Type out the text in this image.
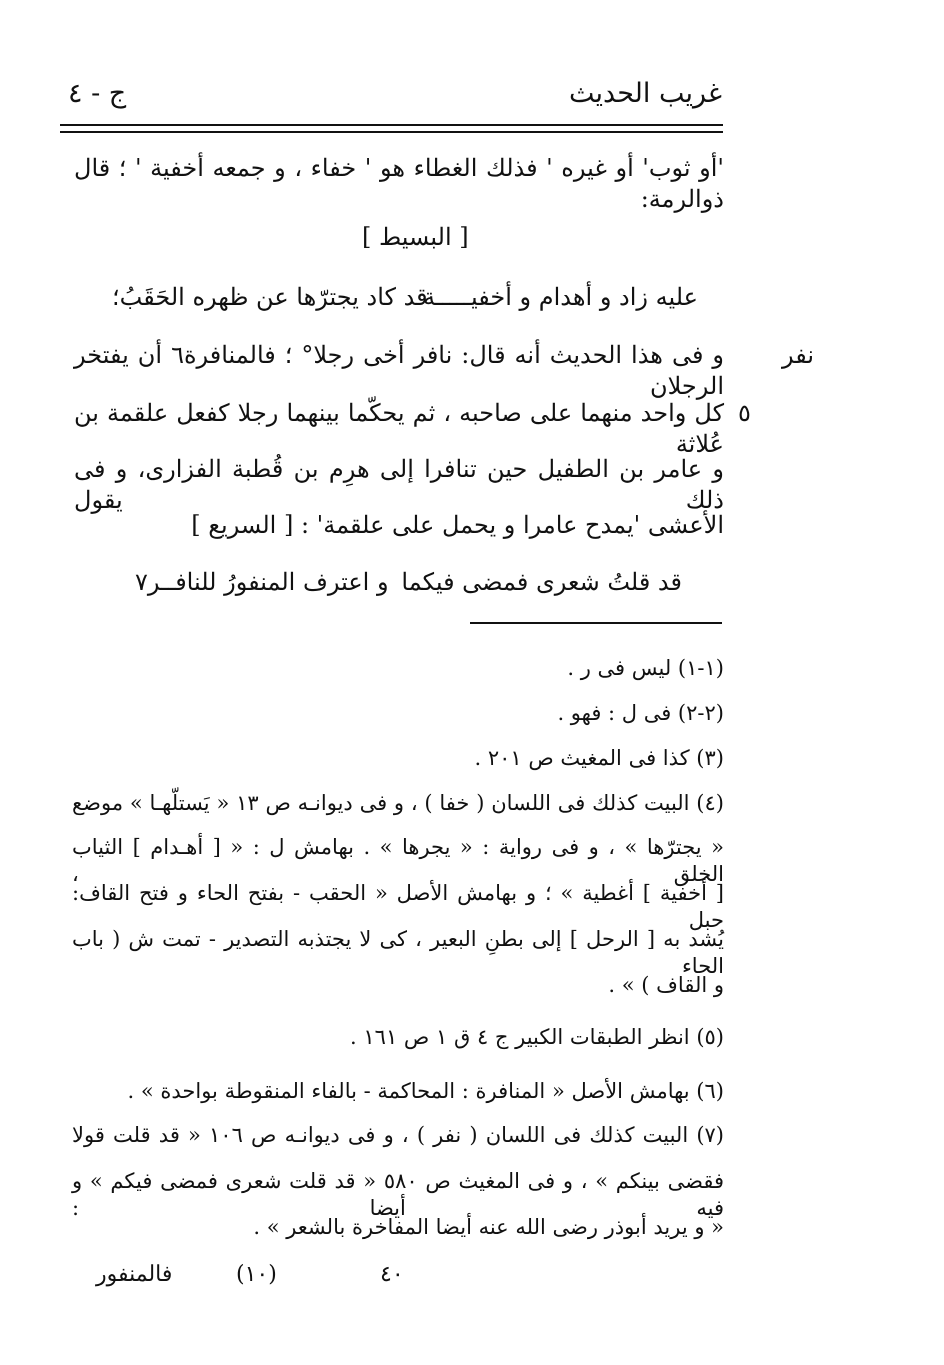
غريب الحديث
ج - ٤
'أو ثوب' أو غيره ' فذلك الغطاء هو ' خفاء ، و جمعه أخفية ' ؛ قال ذوالرمة:
[ البسيط ]
عليه زاد و أهدام و أخفيـــــة
قد كاد يجترّها عن ظهره الحَقَبُ؛
نفر
و فى هذا الحديث أنه قال: نافر أخى رجلا° ؛ فالمنافرة٦ أن يفتخر الرجلان
٥
كل واحد منهما على صاحبه ، ثم يحكّما بينهما رجلا كفعل علقمة بن عُلاثة
و عامر بن الطفيل حين تنافرا إلى هرِم بن قُطبة الفزارى، و فى ذلك يقول
الأعشى 'يمدح عامرا و يحمل على علقمة' : [ السريع ]
قد قلتُ شعرى فمضى فيكما
و اعترف المنفورُ للنافــر٧
(١-١) ليس فى ر .
(٢-٢) فى ل : فهو .
(٣) كذا فى المغيث ص ٢٠١ .
(٤) البيت كذلك فى اللسان ( خفا ) ، و فى ديوانـه ص ١٣ « يَستلّهـا » موضع
« يجترّها » ، و فى رواية : « يجرها » . بهامش ل : « [ أهـدام ] الثياب الخلق ،
[ أخفية ] أغطية » ؛ و بهامش الأصل « الحقب - بفتح الحاء و فتح القاف: حبل
يُشد به [ الرحل ] إلى بطنِ البعير ، كى لا يجتذبه التصدير - تمت ش ( باب الحاء
و القاف ) » .
(٥) انظر الطبقات الكبير ج ٤ ق ١ ص ١٦١ .
(٦) بهامش الأصل « المنافرة : المحاكمة - بالفاء المنقوطة بواحدة » .
(٧) البيت كذلك فى اللسان ( نفر ) ، و فى ديوانـه ص ١٠٦ « قد قلت قولا
فقضى بينكم » ، و فى المغيث ص ٥٨٠ « قد قلت شعرى فمضى فيكم » و فيه أيضا :
« و يريد أبوذر رضى الله عنه أيضا المفاخرة بالشعر » .
٤٠
(١٠)
فالمنفور
